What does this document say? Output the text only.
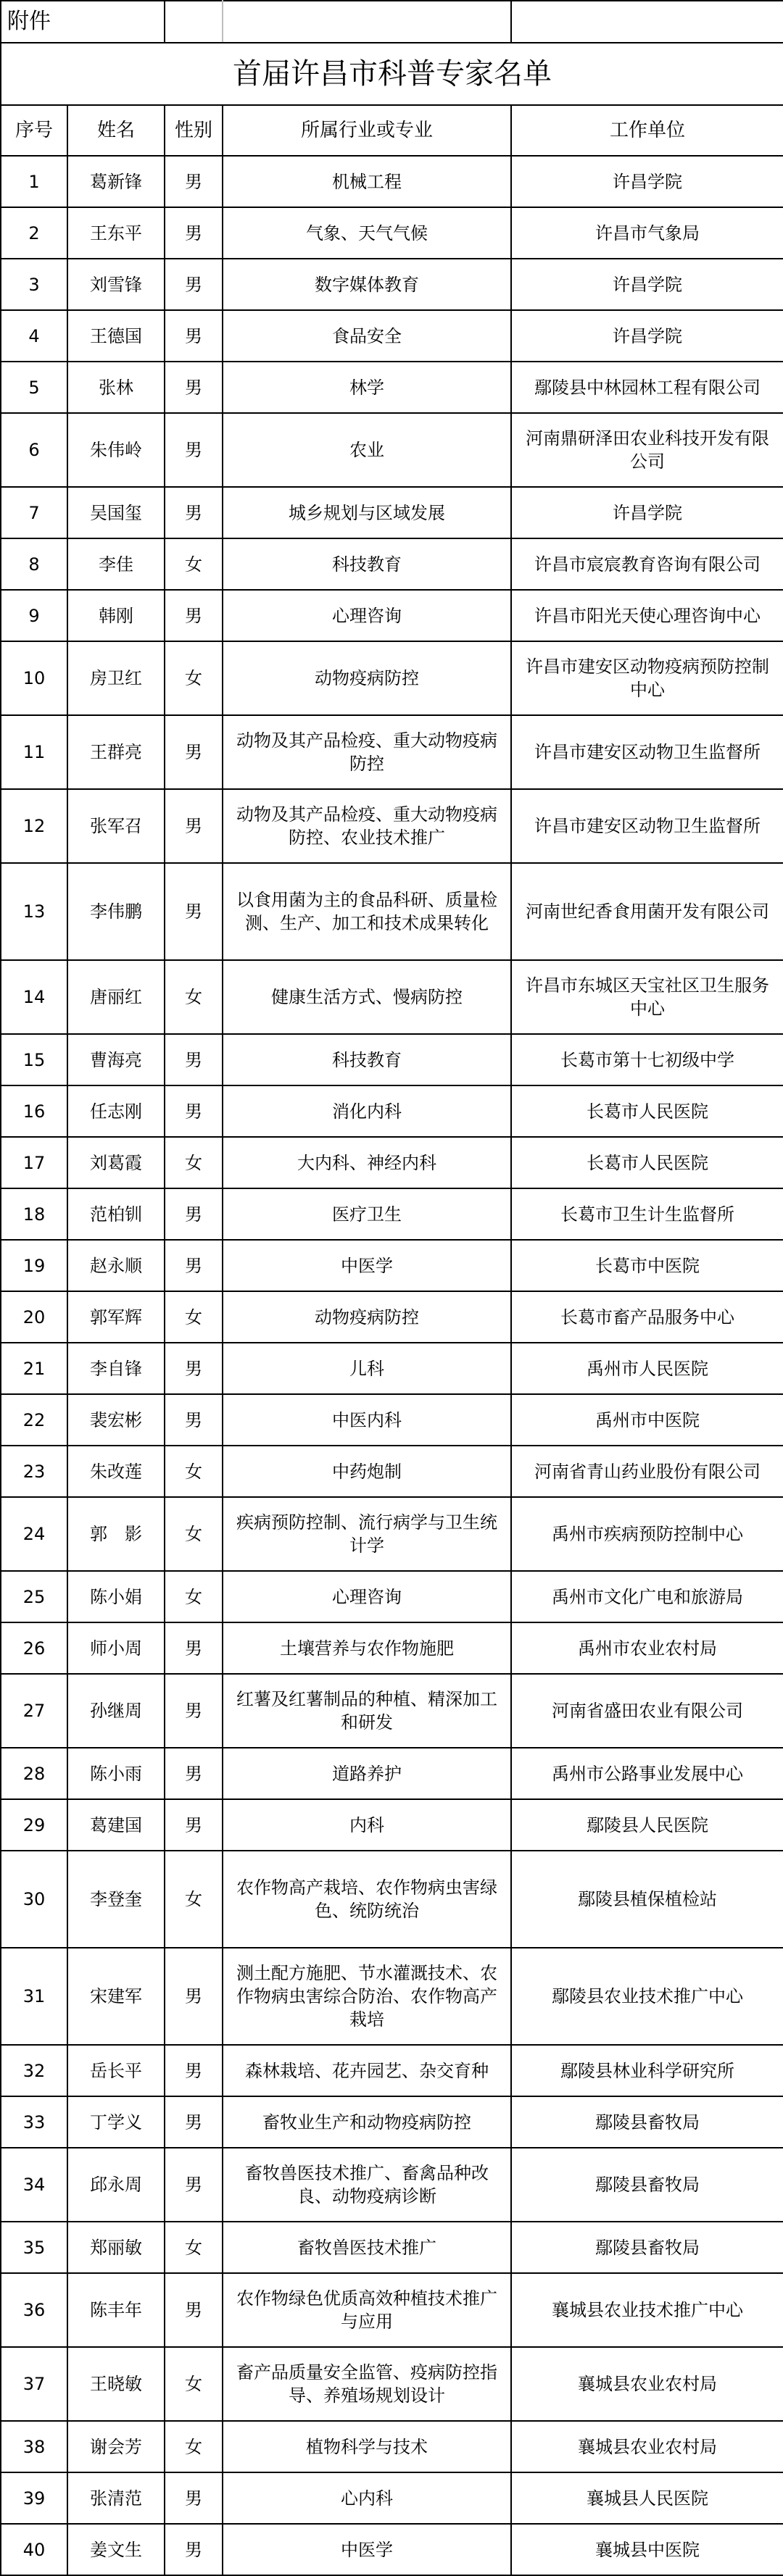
附件				
首届许昌市科普专家名单				
序号	姓名	性别	所属行业或专业	工作单位
1	葛新锋	男	机械工程	许昌学院
2	王东平	男	气象、天气气候	许昌市气象局
3	刘雪锋	男	数字媒体教育	许昌学院
4	王德国	男	食品安全	许昌学院
5	张林	男	林学	鄢陵县中林园林工程有限公司
6	朱伟岭	男	农业	河南鼎研泽田农业科技开发有限公司
7	吴国玺	男	城乡规划与区域发展	许昌学院
8	李佳	女	科技教育	许昌市宸宸教育咨询有限公司
9	韩刚	男	心理咨询	许昌市阳光天使心理咨询中心
10	房卫红	女	动物疫病防控	许昌市建安区动物疫病预防控制中心
11	王群亮	男	动物及其产品检疫、重大动物疫病防控	许昌市建安区动物卫生监督所
12	张军召	男	动物及其产品检疫、重大动物疫病防控、农业技术推广	许昌市建安区动物卫生监督所
13	李伟鹏	男	以食用菌为主的食品科研、质量检测、生产、加工和技术成果转化	河南世纪香食用菌开发有限公司
14	唐丽红	女	健康生活方式、慢病防控	许昌市东城区天宝社区卫生服务中心
15	曹海亮	男	科技教育	长葛市第十七初级中学
16	任志刚	男	消化内科	长葛市人民医院
17	刘葛霞	女	大内科、神经内科	长葛市人民医院
18	范柏钏	男	医疗卫生	长葛市卫生计生监督所
19	赵永顺	男	中医学	长葛市中医院
20	郭军辉	女	动物疫病防控	长葛市畜产品服务中心
21	李自锋	男	儿科	禹州市人民医院
22	裴宏彬	男	中医内科	禹州市中医院
23	朱改莲	女	中药炮制	河南省青山药业股份有限公司
24	郭　影	女	疾病预防控制、流行病学与卫生统计学	禹州市疾病预防控制中心
25	陈小娟	女	心理咨询	禹州市文化广电和旅游局
26	师小周	男	土壤营养与农作物施肥	禹州市农业农村局
27	孙继周	男	红薯及红薯制品的种植、精深加工和研发	河南省盛田农业有限公司
28	陈小雨	男	道路养护	禹州市公路事业发展中心
29	葛建国	男	内科	鄢陵县人民医院
30	李登奎	女	农作物高产栽培、农作物病虫害绿色、统防统治	鄢陵县植保植检站
31	宋建军	男	测土配方施肥、节水灌溉技术、农作物病虫害综合防治、农作物高产栽培	鄢陵县农业技术推广中心
32	岳长平	男	森林栽培、花卉园艺、杂交育种	鄢陵县林业科学研究所
33	丁学义	男	畜牧业生产和动物疫病防控	鄢陵县畜牧局
34	邱永周	男	畜牧兽医技术推广、畜禽品种改良、动物疫病诊断	鄢陵县畜牧局
35	郑丽敏	女	畜牧兽医技术推广	鄢陵县畜牧局
36	陈丰年	男	农作物绿色优质高效种植技术推广与应用	襄城县农业技术推广中心
37	王晓敏	女	畜产品质量安全监管、疫病防控指导、养殖场规划设计	襄城县农业农村局
38	谢会芳	女	植物科学与技术	襄城县农业农村局
39	张清范	男	心内科	襄城县人民医院
40	姜文生	男	中医学	襄城县中医院
